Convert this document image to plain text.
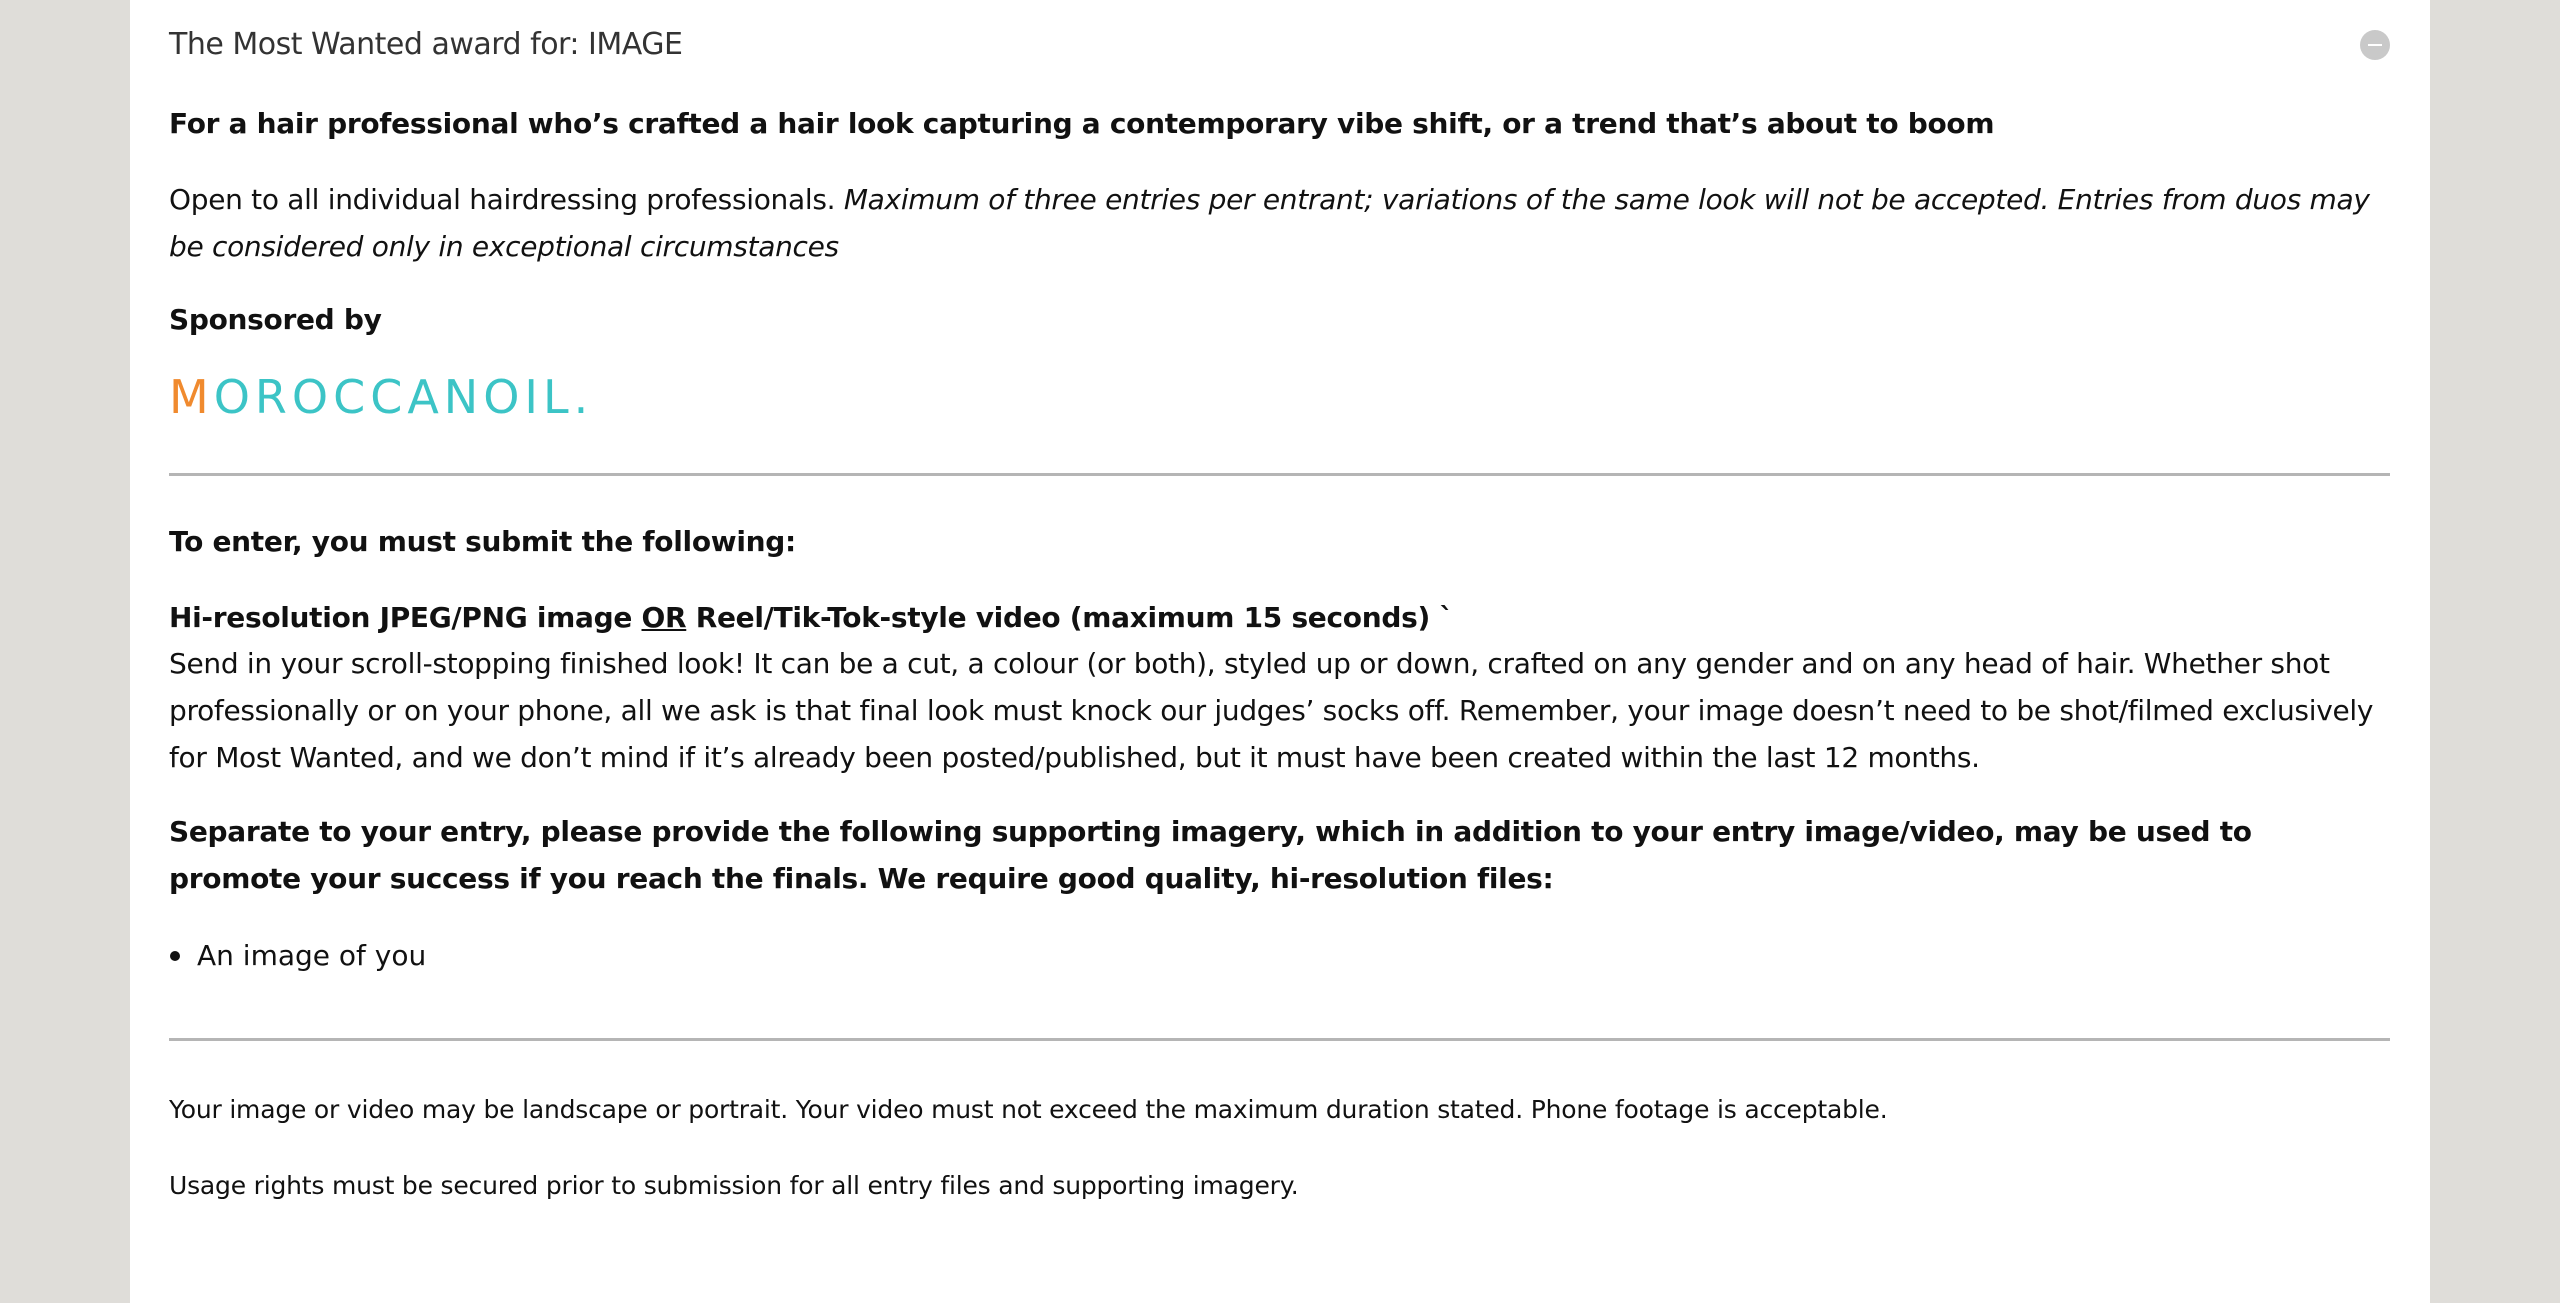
The Most Wanted award for: IMAGE
For a hair professional who’s crafted a hair look capturing a contemporary vibe shift, or a trend that’s about to boom
Open to all individual hairdressing professionals. Maximum of three entries per entrant; variations of the same look will not be accepted. Entries from duos may be considered only in exceptional circumstances
Sponsored by
MOROCCANOIL.
To enter, you must submit the following:
Hi-resolution JPEG/PNG image OR Reel/Tik-Tok-style video (maximum 15 seconds) `
Send in your scroll-stopping finished look! It can be a cut, a colour (or both), styled up or down, crafted on any gender and on any head of hair. Whether shot professionally or on your phone, all we ask is that final look must knock our judges’ socks off. Remember, your image doesn’t need to be shot/filmed exclusively for Most Wanted, and we don’t mind if it’s already been posted/published, but it must have been created within the last 12 months.
Separate to your entry, please provide the following supporting imagery, which in addition to your entry image/video, may be used to promote your success if you reach the finals. We require good quality, hi-resolution files:
An image of you
Your image or video may be landscape or portrait. Your video must not exceed the maximum duration stated. Phone footage is acceptable.
Usage rights must be secured prior to submission for all entry files and supporting imagery.
